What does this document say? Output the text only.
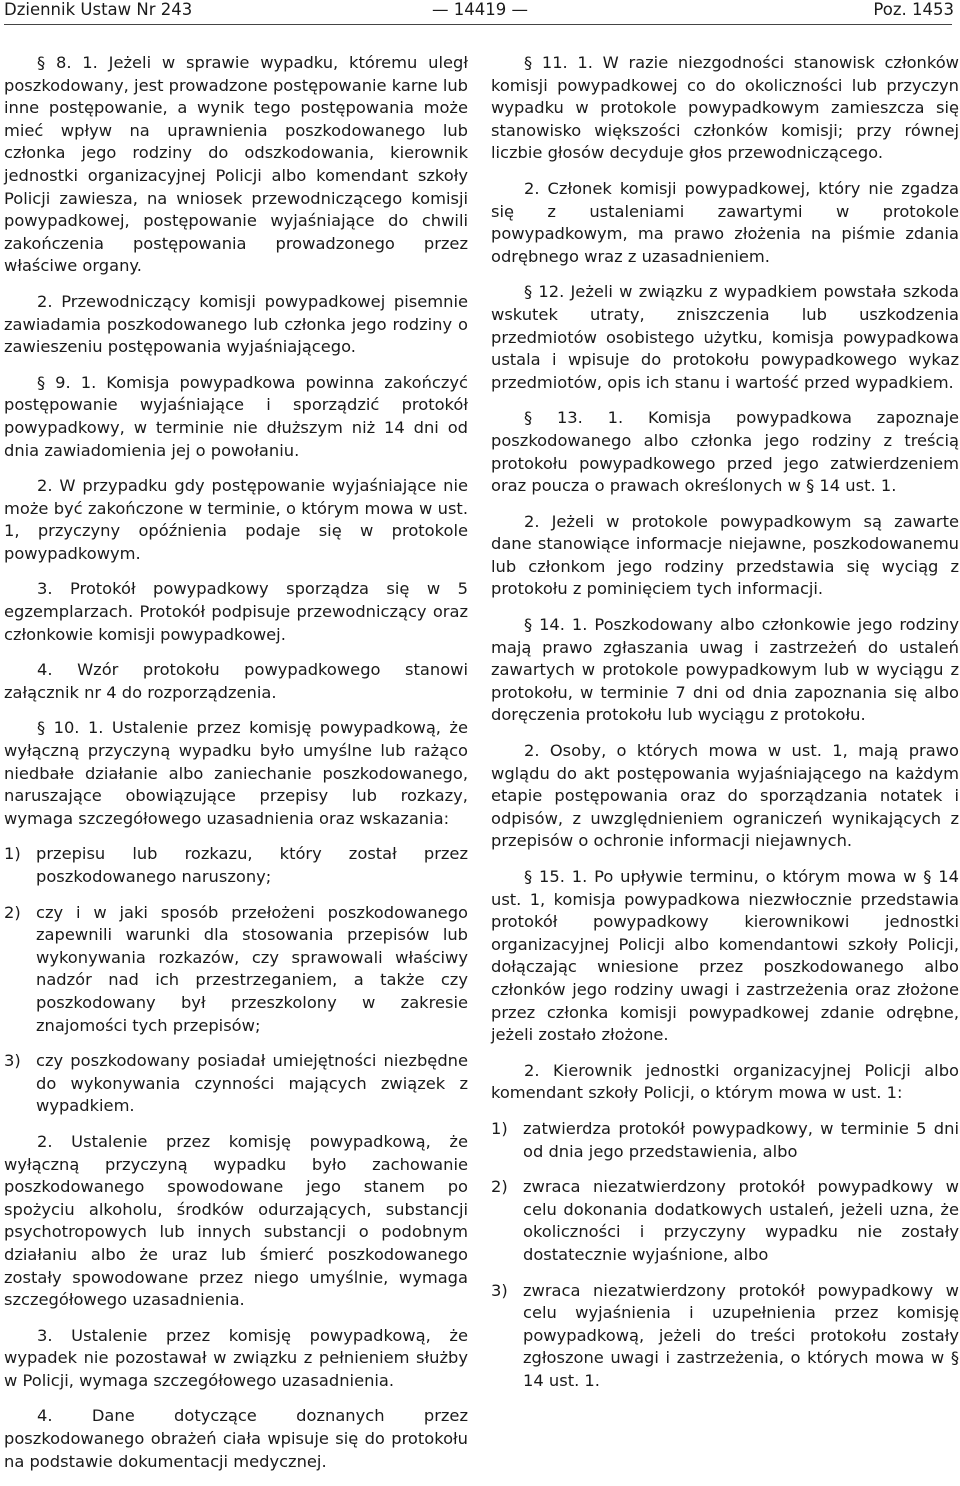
Dziennik Ustaw Nr 243	— 14419 —	Poz. 1453

§ 8. 1. Jeżeli w sprawie wypadku, któremu uległ poszkodowany, jest prowadzone postępowanie karne lub inne postępowanie, a wynik tego postępowania może mieć wpływ na uprawnienia poszkodowanego lub członka jego rodziny do odszkodowania, kierownik jednostki organizacyjnej Policji albo komendant szkoły Policji zawiesza, na wniosek przewodniczącego komisji powypadkowej, postępowanie wyjaśniające do chwili zakończenia postępowania prowadzonego przez właściwe organy.

2. Przewodniczący komisji powypadkowej pisemnie zawiadamia poszkodowanego lub członka jego rodziny o zawieszeniu postępowania wyjaśniającego.

§ 9. 1. Komisja powypadkowa powinna zakończyć postępowanie wyjaśniające i sporządzić protokół powypadkowy, w terminie nie dłuższym niż 14 dni od dnia zawiadomienia jej o powołaniu.

2. W przypadku gdy postępowanie wyjaśniające nie może być zakończone w terminie, o którym mowa w ust. 1, przyczyny opóźnienia podaje się w protokole powypadkowym.

3. Protokół powypadkowy sporządza się w 5 egzemplarzach. Protokół podpisuje przewodniczący oraz członkowie komisji powypadkowej.

4. Wzór protokołu powypadkowego stanowi załącznik nr 4 do rozporządzenia.

§ 10. 1. Ustalenie przez komisję powypadkową, że wyłączną przyczyną wypadku było umyślne lub rażąco niedbałe działanie albo zaniechanie poszkodowanego, naruszające obowiązujące przepisy lub rozkazy, wymaga szczegółowego uzasadnienia oraz wskazania:

1) przepisu lub rozkazu, który został przez poszkodowanego naruszony;
2) czy i w jaki sposób przełożeni poszkodowanego zapewnili warunki dla stosowania przepisów lub wykonywania rozkazów, czy sprawowali właściwy nadzór nad ich przestrzeganiem, a także czy poszkodowany był przeszkolony w zakresie znajomości tych przepisów;
3) czy poszkodowany posiadał umiejętności niezbędne do wykonywania czynności mających związek z wypadkiem.

2. Ustalenie przez komisję powypadkową, że wyłączną przyczyną wypadku było zachowanie poszkodowanego spowodowane jego stanem po spożyciu alkoholu, środków odurzających, substancji psychotropowych lub innych substancji o podobnym działaniu albo że uraz lub śmierć poszkodowanego zostały spowodowane przez niego umyślnie, wymaga szczegółowego uzasadnienia.

3. Ustalenie przez komisję powypadkową, że wypadek nie pozostawał w związku z pełnieniem służby w Policji, wymaga szczegółowego uzasadnienia.

4. Dane dotyczące doznanych przez poszkodowanego obrażeń ciała wpisuje się do protokołu na podstawie dokumentacji medycznej.

§ 11. 1. W razie niezgodności stanowisk członków komisji powypadkowej co do okoliczności lub przyczyn wypadku w protokole powypadkowym zamieszcza się stanowisko większości członków komisji; przy równej liczbie głosów decyduje głos przewodniczącego.

2. Członek komisji powypadkowej, który nie zgadza się z ustaleniami zawartymi w protokole powypadkowym, ma prawo złożenia na piśmie zdania odrębnego wraz z uzasadnieniem.

§ 12. Jeżeli w związku z wypadkiem powstała szkoda wskutek utraty, zniszczenia lub uszkodzenia przedmiotów osobistego użytku, komisja powypadkowa ustala i wpisuje do protokołu powypadkowego wykaz przedmiotów, opis ich stanu i wartość przed wypadkiem.

§ 13. 1. Komisja powypadkowa zapoznaje poszkodowanego albo członka jego rodziny z treścią protokołu powypadkowego przed jego zatwierdzeniem oraz poucza o prawach określonych w § 14 ust. 1.

2. Jeżeli w protokole powypadkowym są zawarte dane stanowiące informacje niejawne, poszkodowanemu lub członkom jego rodziny przedstawia się wyciąg z protokołu z pominięciem tych informacji.

§ 14. 1. Poszkodowany albo członkowie jego rodziny mają prawo zgłaszania uwag i zastrzeżeń do ustaleń zawartych w protokole powypadkowym lub w wyciągu z protokołu, w terminie 7 dni od dnia zapoznania się albo doręczenia protokołu lub wyciągu z protokołu.

2. Osoby, o których mowa w ust. 1, mają prawo wglądu do akt postępowania wyjaśniającego na każdym etapie postępowania oraz do sporządzania notatek i odpisów, z uwzględnieniem ograniczeń wynikających z przepisów o ochronie informacji niejawnych.

§ 15. 1. Po upływie terminu, o którym mowa w § 14 ust. 1, komisja powypadkowa niezwłocznie przedstawia protokół powypadkowy kierownikowi jednostki organizacyjnej Policji albo komendantowi szkoły Policji, dołączając wniesione przez poszkodowanego albo członków jego rodziny uwagi i zastrzeżenia oraz złożone przez członka komisji powypadkowej zdanie odrębne, jeżeli zostało złożone.

2. Kierownik jednostki organizacyjnej Policji albo komendant szkoły Policji, o którym mowa w ust. 1:

1) zatwierdza protokół powypadkowy, w terminie 5 dni od dnia jego przedstawienia, albo
2) zwraca niezatwierdzony protokół powypadkowy w celu dokonania dodatkowych ustaleń, jeżeli uzna, że okoliczności i przyczyny wypadku nie zostały dostatecznie wyjaśnione, albo
3) zwraca niezatwierdzony protokół powypadkowy w celu wyjaśnienia i uzupełnienia przez komisję powypadkową, jeżeli do treści protokołu zostały zgłoszone uwagi i zastrzeżenia, o których mowa w § 14 ust. 1.
